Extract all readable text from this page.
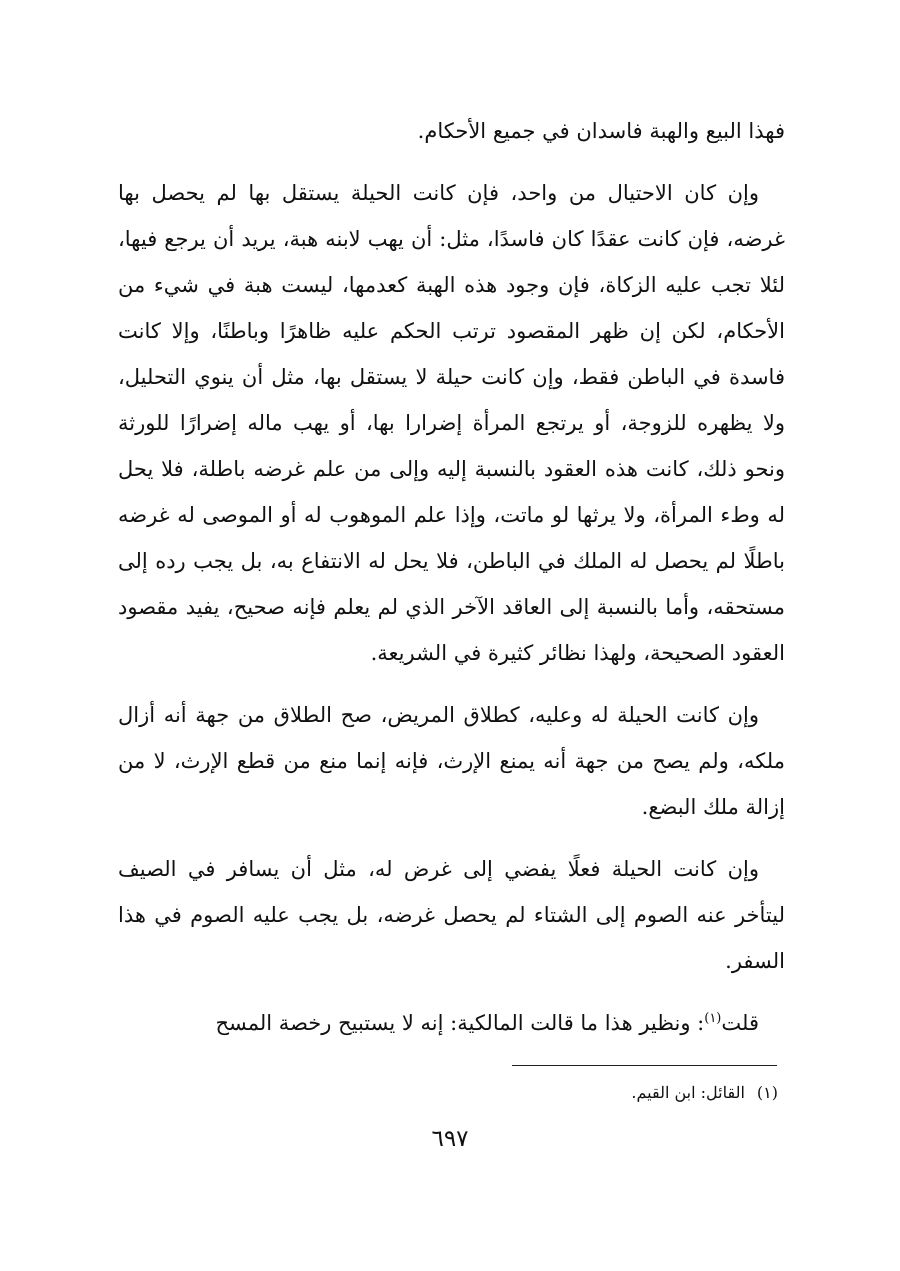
فهذا البيع والهبة فاسدان في جميع الأحكام.

وإن كان الاحتيال من واحد، فإن كانت الحيلة يستقل بها لم يحصل بها غرضه، فإن كانت عقدًا كان فاسدًا، مثل: أن يهب لابنه هبة، يريد أن يرجع فيها، لئلا تجب عليه الزكاة، فإن وجود هذه الهبة كعدمها، ليست هبة في شيء من الأحكام، لكن إن ظهر المقصود ترتب الحكم عليه ظاهرًا وباطنًا، وإلا كانت فاسدة في الباطن فقط، وإن كانت حيلة لا يستقل بها، مثل أن ينوي التحليل، ولا يظهره للزوجة، أو يرتجع المرأة إضرارا بها، أو يهب ماله إضرارًا للورثة ونحو ذلك، كانت هذه العقود بالنسبة إليه وإلى من علم غرضه باطلة، فلا يحل له وطء المرأة، ولا يرثها لو ماتت، وإذا علم الموهوب له أو الموصى له غرضه باطلًا لم يحصل له الملك في الباطن، فلا يحل له الانتفاع به، بل يجب رده إلى مستحقه، وأما بالنسبة إلى العاقد الآخر الذي لم يعلم فإنه صحيح، يفيد مقصود العقود الصحيحة، ولهذا نظائر كثيرة في الشريعة.

وإن كانت الحيلة له وعليه، كطلاق المريض، صح الطلاق من جهة أنه أزال ملكه، ولم يصح من جهة أنه يمنع الإرث، فإنه إنما منع من قطع الإرث، لا من إزالة ملك البضع.

وإن كانت الحيلة فعلًا يفضي إلى غرض له، مثل أن يسافر في الصيف ليتأخر عنه الصوم إلى الشتاء لم يحصل غرضه، بل يجب عليه الصوم في هذا السفر.

قلت$^{(١)}$: ونظير هذا ما قالت المالكية: إنه لا يستبيح رخصة المسح

(١)القائل: ابن القيم.
٦٩٧
